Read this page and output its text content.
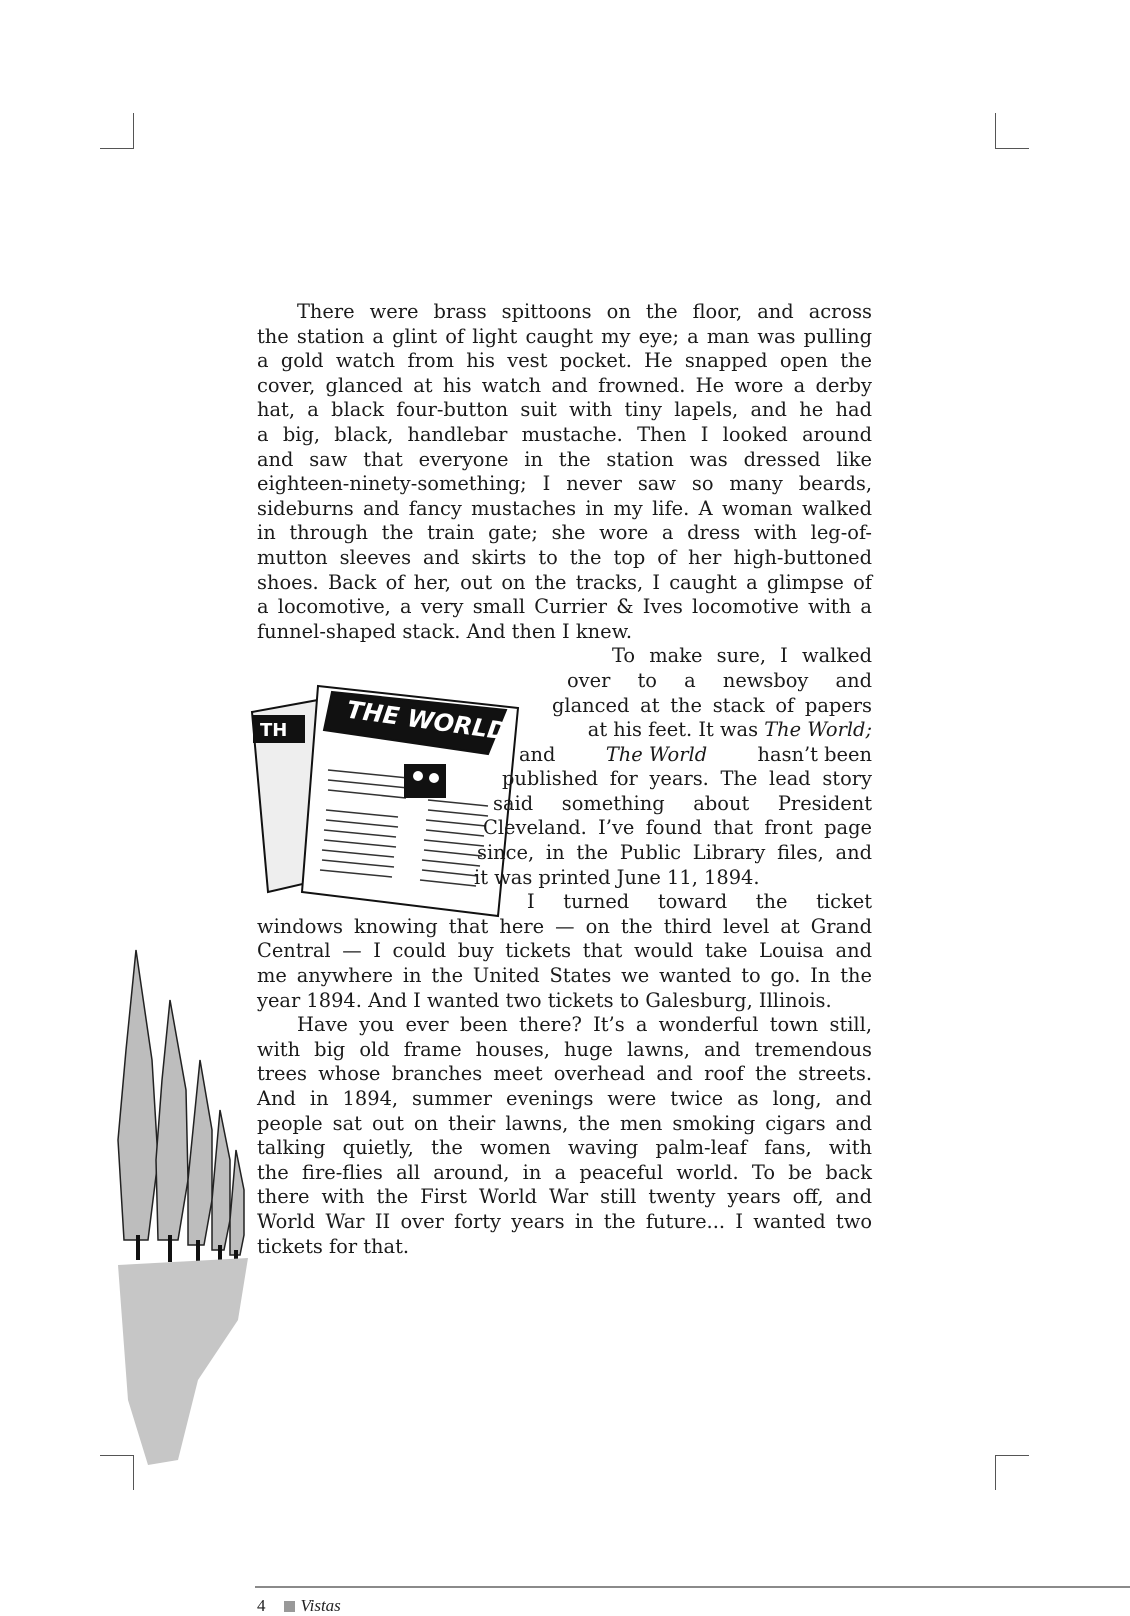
TH THE WORLD
There were brass spittoons on the floor, and across
the station a glint of light caught my eye; a man was pulling
a gold watch from his vest pocket. He snapped open the
cover, glanced at his watch and frowned. He wore a derby
hat, a black four-button suit with tiny lapels, and he had
a big, black, handlebar mustache. Then I looked around
and saw that everyone in the station was dressed like
eighteen-ninety-something; I never saw so many beards,
sideburns and fancy mustaches in my life. A woman walked
in through the train gate; she wore a dress with leg-of-
mutton sleeves and skirts to the top of her high-buttoned
shoes. Back of her, out on the tracks, I caught a glimpse of
a locomotive, a very small Currier & Ives locomotive with a
funnel-shaped stack. And then I knew.
To make sure, I walked
over to a newsboy and
glanced at the stack of papers
at his feet. It was The World;
and	The World	hasn’t been
published for years. The lead story
said something about President
Cleveland. I’ve found that front page
since, in the Public Library files, and
it was printed June 11, 1894.
I turned toward the ticket
windows knowing that here — on the third level at Grand
Central — I could buy tickets that would take Louisa and
me anywhere in the United States we wanted to go. In the
year 1894. And I wanted two tickets to Galesburg, Illinois.
Have you ever been there? It’s a wonderful town still,
with big old frame houses, huge lawns, and tremendous
trees whose branches meet overhead and roof the streets.
And in 1894, summer evenings were twice as long, and
people sat out on their lawns, the men smoking cigars and
talking quietly, the women waving palm-leaf fans, with
the fire-flies all around, in a peaceful world. To be back
there with the First World War still twenty years off, and
World War II over forty years in the future... I wanted two
tickets for that.
4 Vistas
